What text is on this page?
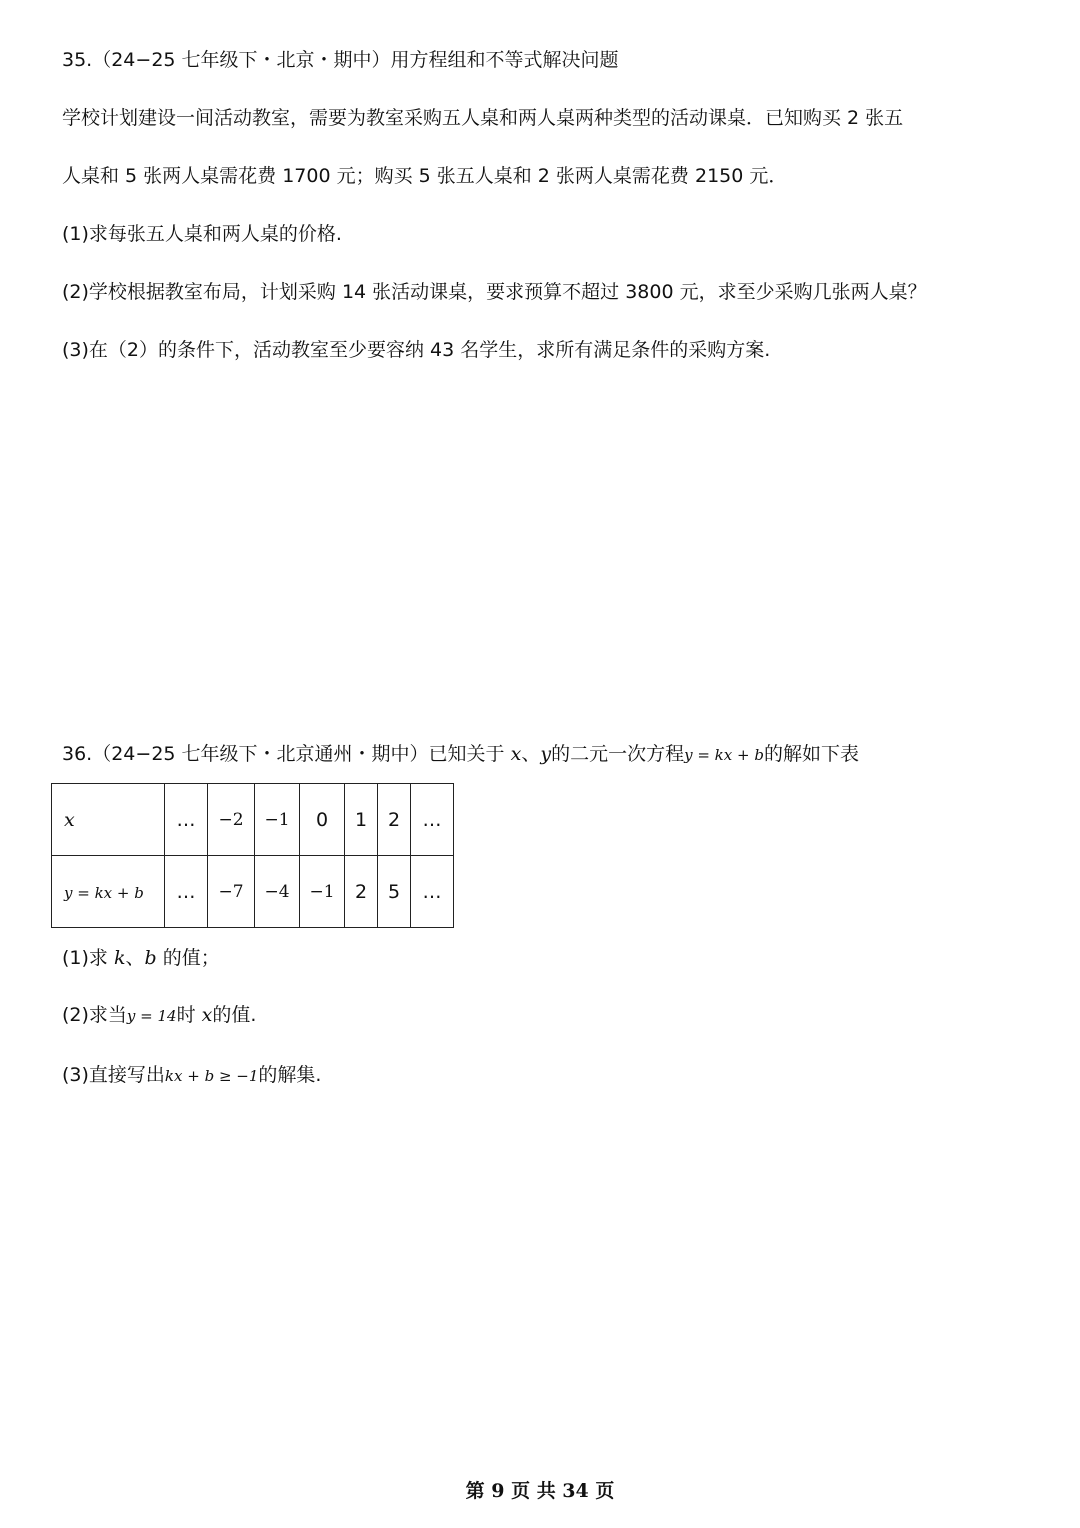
35.（24−25 七年级下・北京・期中）用方程组和不等式解决问题

学校计划建设一间活动教室，需要为教室采购五人桌和两人桌两种类型的活动课桌．已知购买 2 张五

人桌和 5 张两人桌需花费 1700 元；购买 5 张五人桌和 2 张两人桌需花费 2150 元．

(1)求每张五人桌和两人桌的价格.

(2)学校根据教室布局，计划采购 14 张活动课桌，要求预算不超过 3800 元，求至少采购几张两人桌？

(3)在（2）的条件下，活动教室至少要容纳 43 名学生，求所有满足条件的采购方案.

36.（24−25 七年级下・北京通州・期中）已知关于 x、y的二元一次方程y = kx + b的解如下表

x	…	−2	−1	0	1	2	…
y = kx + b	…	−7	−4	−1	2	5	…

(1)求 k、b 的值；

(2)求当y = 14时 x的值.

(3)直接写出kx + b ≥ −1的解集.

第 9 页 共 34 页
